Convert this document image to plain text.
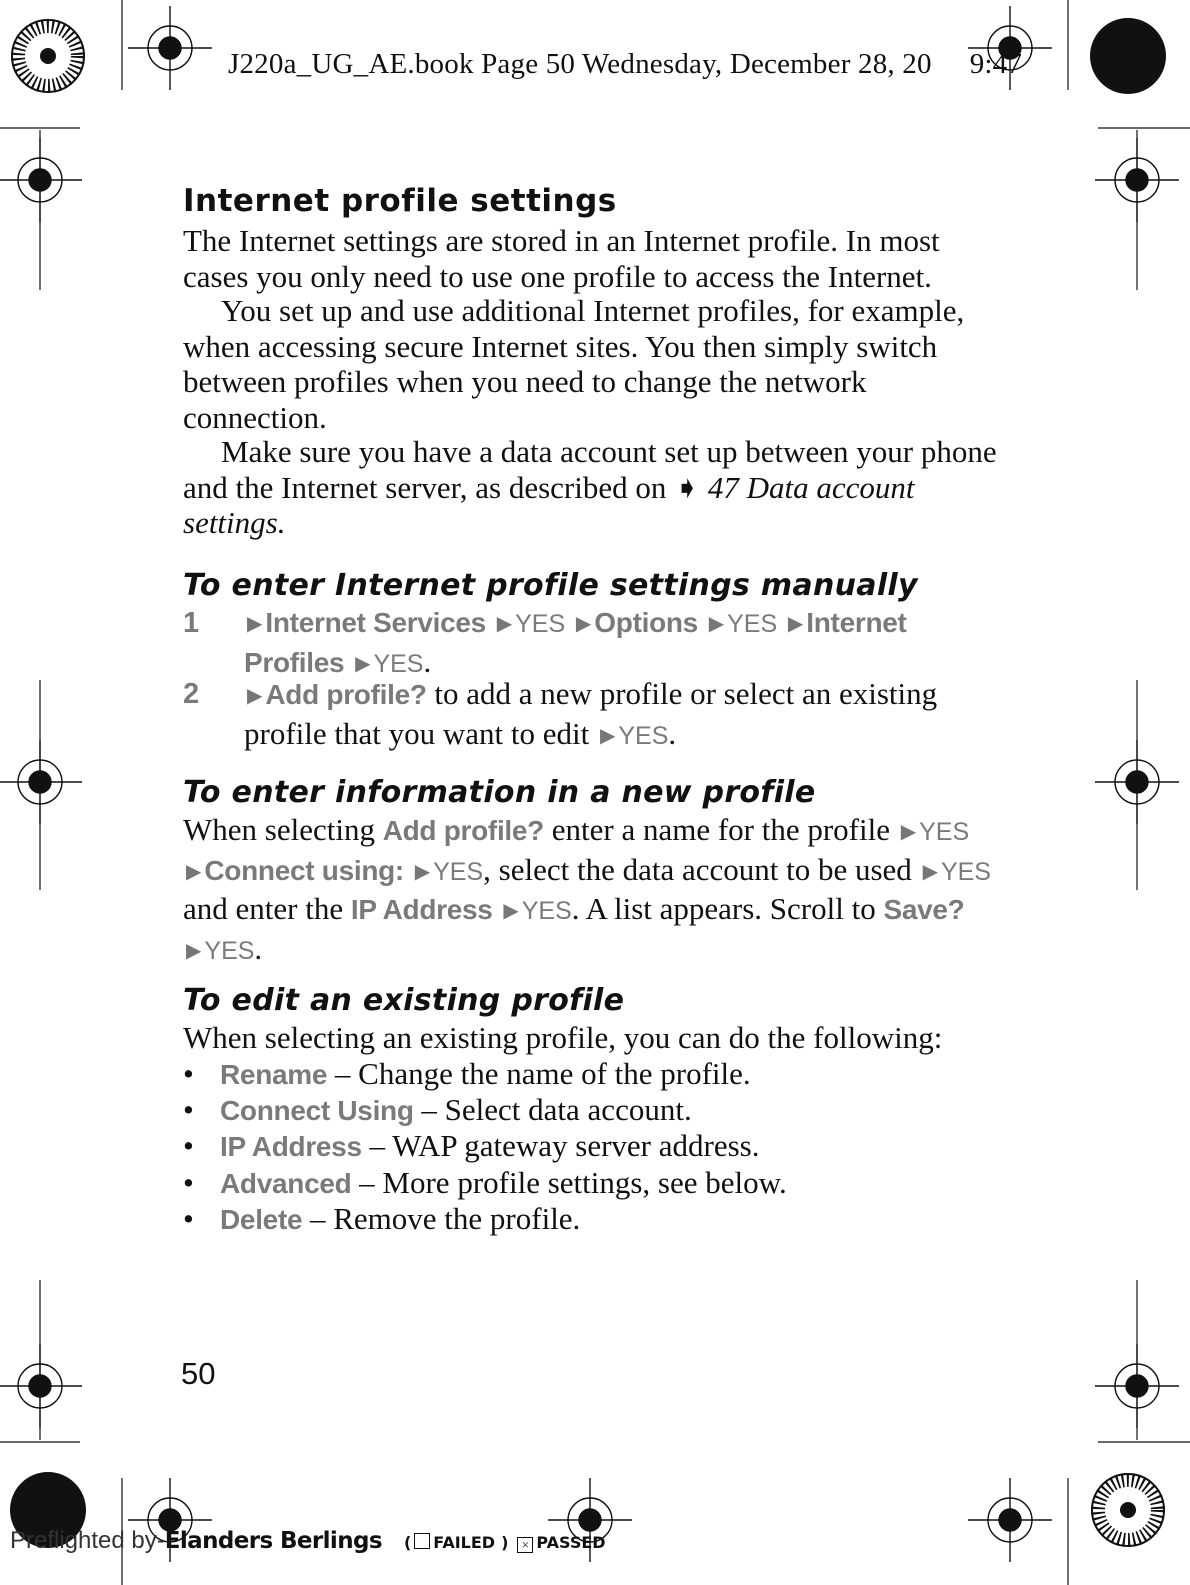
J220a_UG_AE.book Page 50 Wednesday, December 28, 20 9:47
Internet profile settings

The Internet settings are stored in an Internet profile. In most cases you only need to use one profile to access the Internet.

You set up and use additional Internet profiles, for example, when accessing secure Internet sites. You then simply switch between profiles when you need to change the network connection.

Make sure you have a data account set up between your phone and the Internet server, as described on ➧ 47 Data account settings.

To enter Internet profile settings manually
1 ▶ Internet Services ▶ YES ▶ Options ▶ YES ▶ Internet Profiles ▶ YES.
2 ▶ Add profile? to add a new profile or select an existing profile that you want to edit ▶ YES.
To enter information in a new profile

When selecting Add profile? enter a name for the profile ▶ YES ▶ Connect using: ▶ YES, select the data account to be used ▶ YES and enter the IP Address ▶ YES. A list appears. Scroll to Save? ▶ YES.

To edit an existing profile

When selecting an existing profile, you can do the following:

• Rename – Change the name of the profile.
• Connect Using – Select data account.
• IP Address – WAP gateway server address.
• Advanced – More profile settings, see below.
• Delete – Remove the profile.
50
Preflighted by-Elanders Berlings ( FAILED ) × PASSED
